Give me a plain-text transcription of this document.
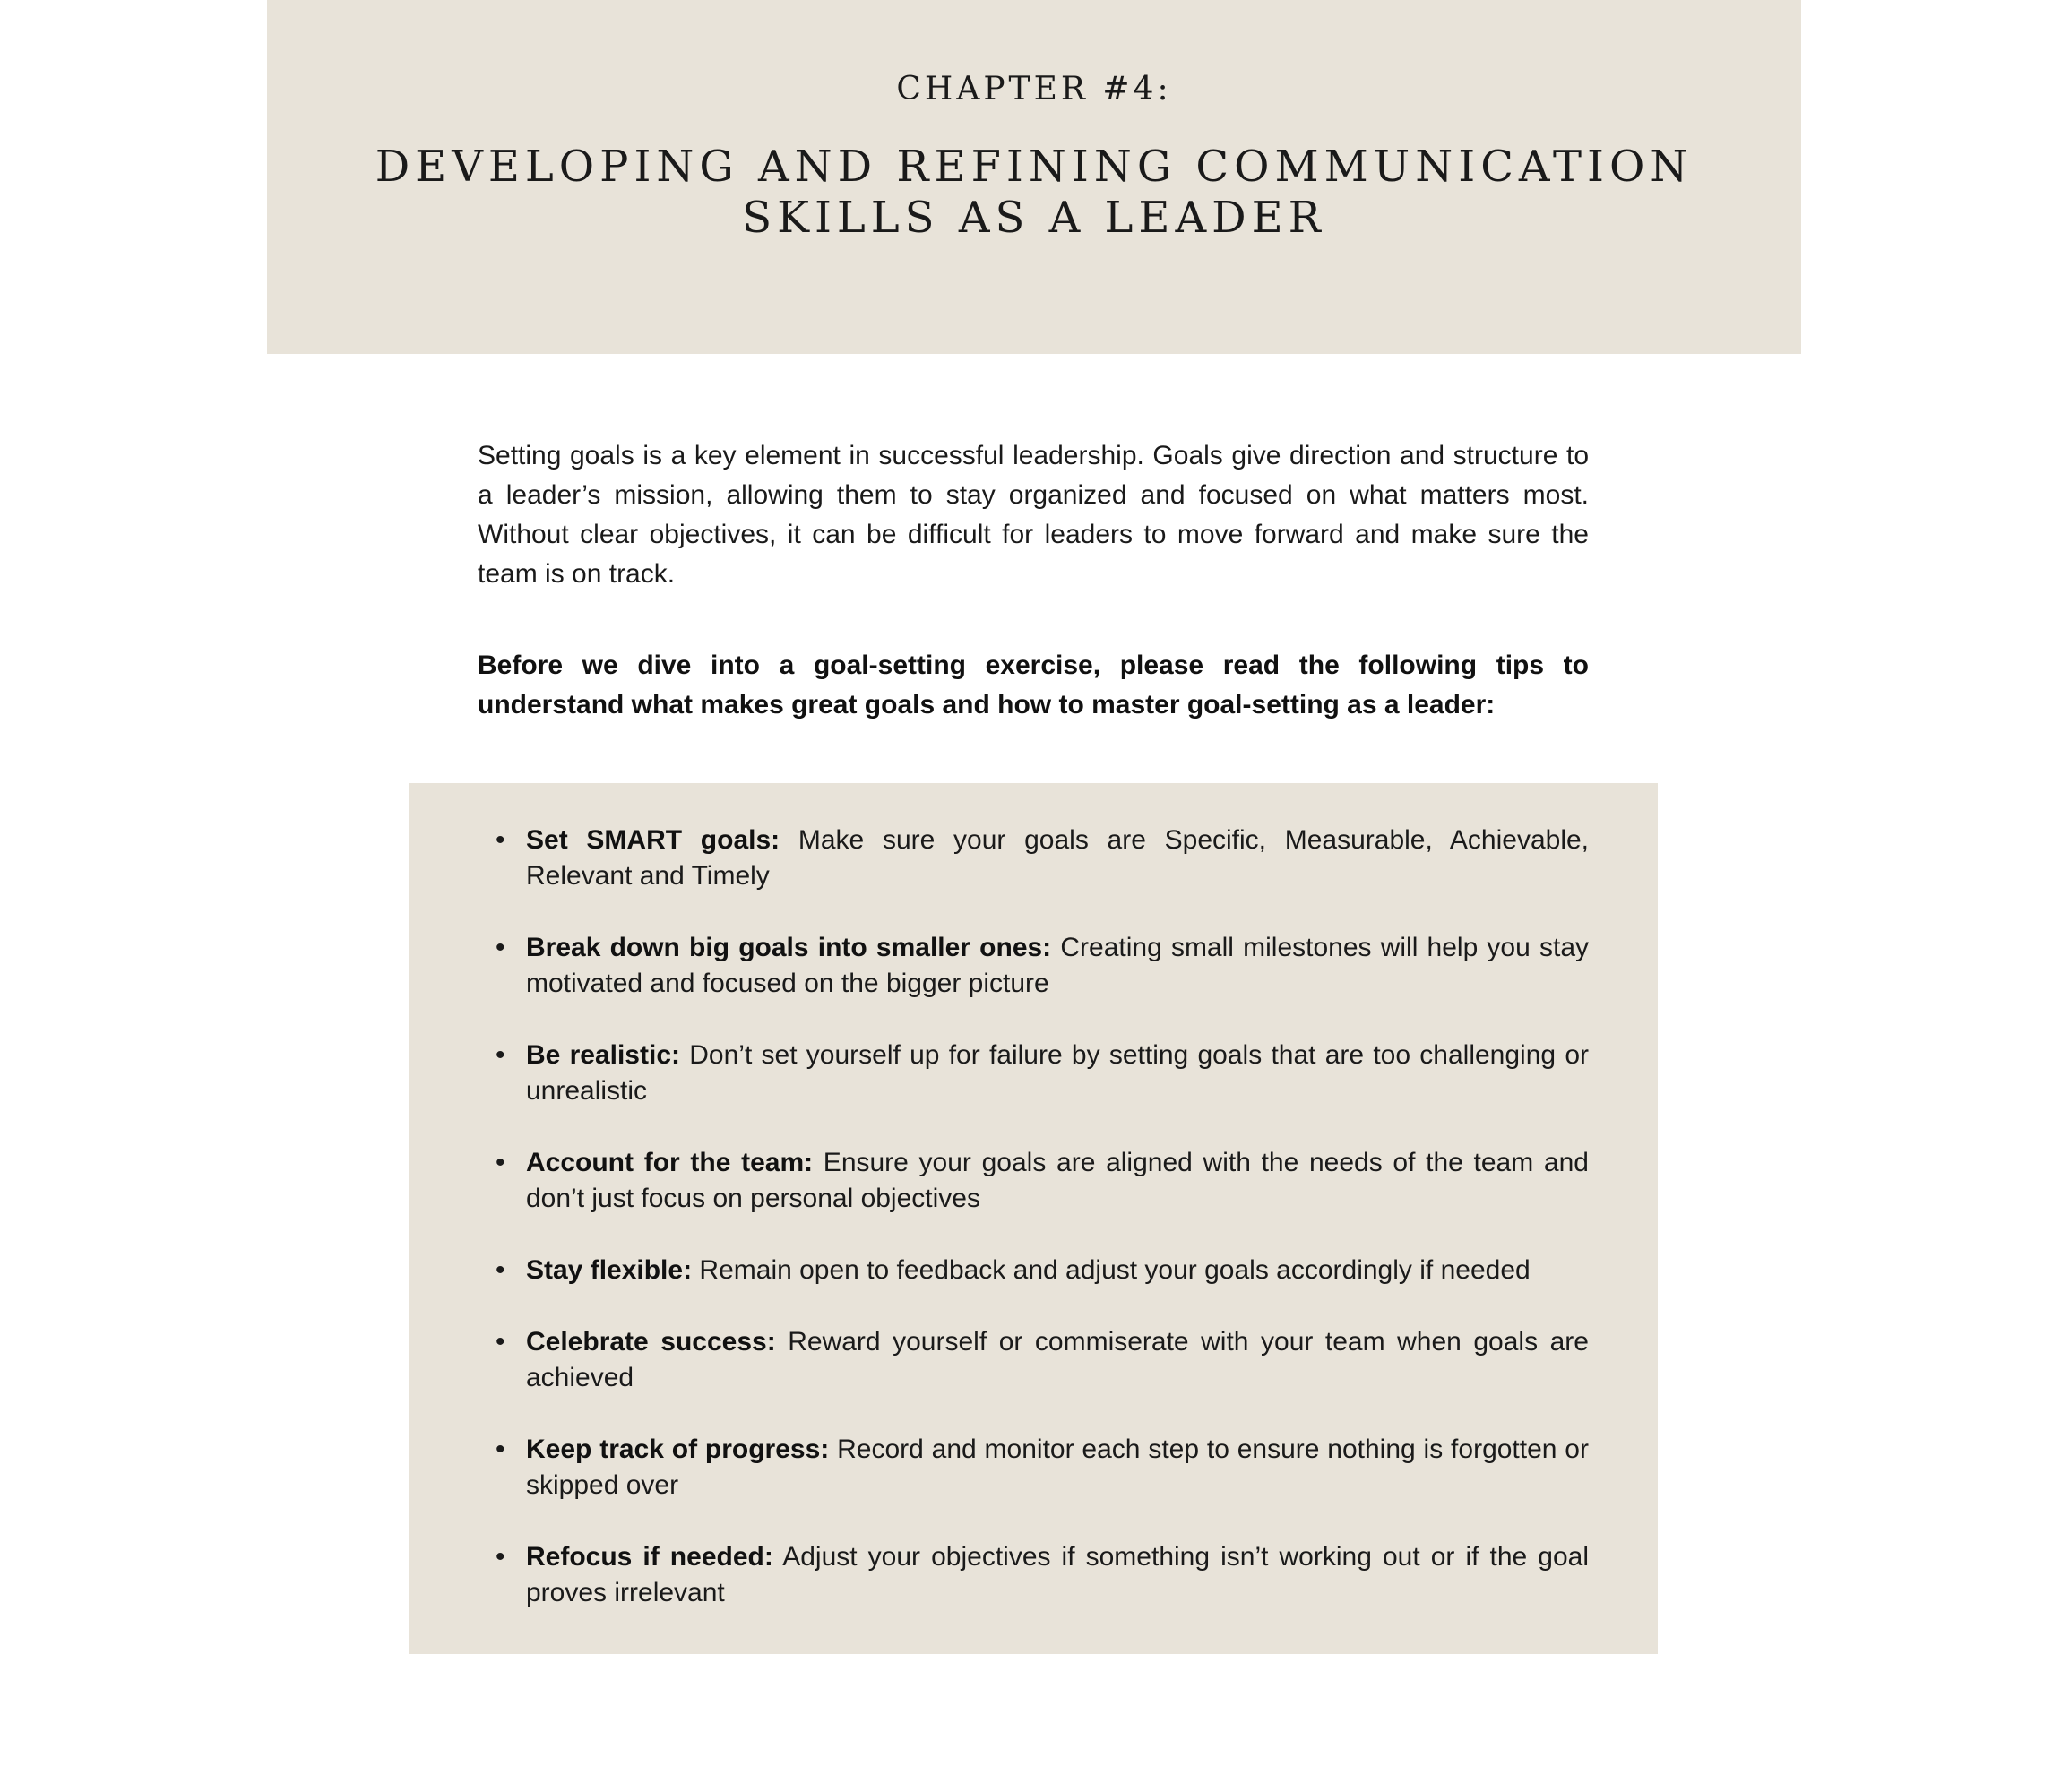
CHAPTER #4:
DEVELOPING AND REFINING COMMUNICATION
SKILLS AS A LEADER

Setting goals is a key element in successful leadership. Goals give direction and structure to a leader’s mission, allowing them to stay organized and focused on what matters most. Without clear objectives, it can be difficult for leaders to move forward and make sure the team is on track.

Before we dive into a goal-setting exercise, please read the following tips to understand what makes great goals and how to master goal-setting as a leader:

• Set SMART goals: Make sure your goals are Specific, Measurable, Achievable, Relevant and Timely
• Break down big goals into smaller ones: Creating small milestones will help you stay motivated and focused on the bigger picture
• Be realistic: Don’t set yourself up for failure by setting goals that are too challenging or unrealistic
• Account for the team: Ensure your goals are aligned with the needs of the team and don’t just focus on personal objectives
• Stay flexible: Remain open to feedback and adjust your goals accordingly if needed
• Celebrate success: Reward yourself or commiserate with your team when goals are achieved
• Keep track of progress: Record and monitor each step to ensure nothing is forgotten or skipped over
• Refocus if needed: Adjust your objectives if something isn’t working out or if the goal proves irrelevant
